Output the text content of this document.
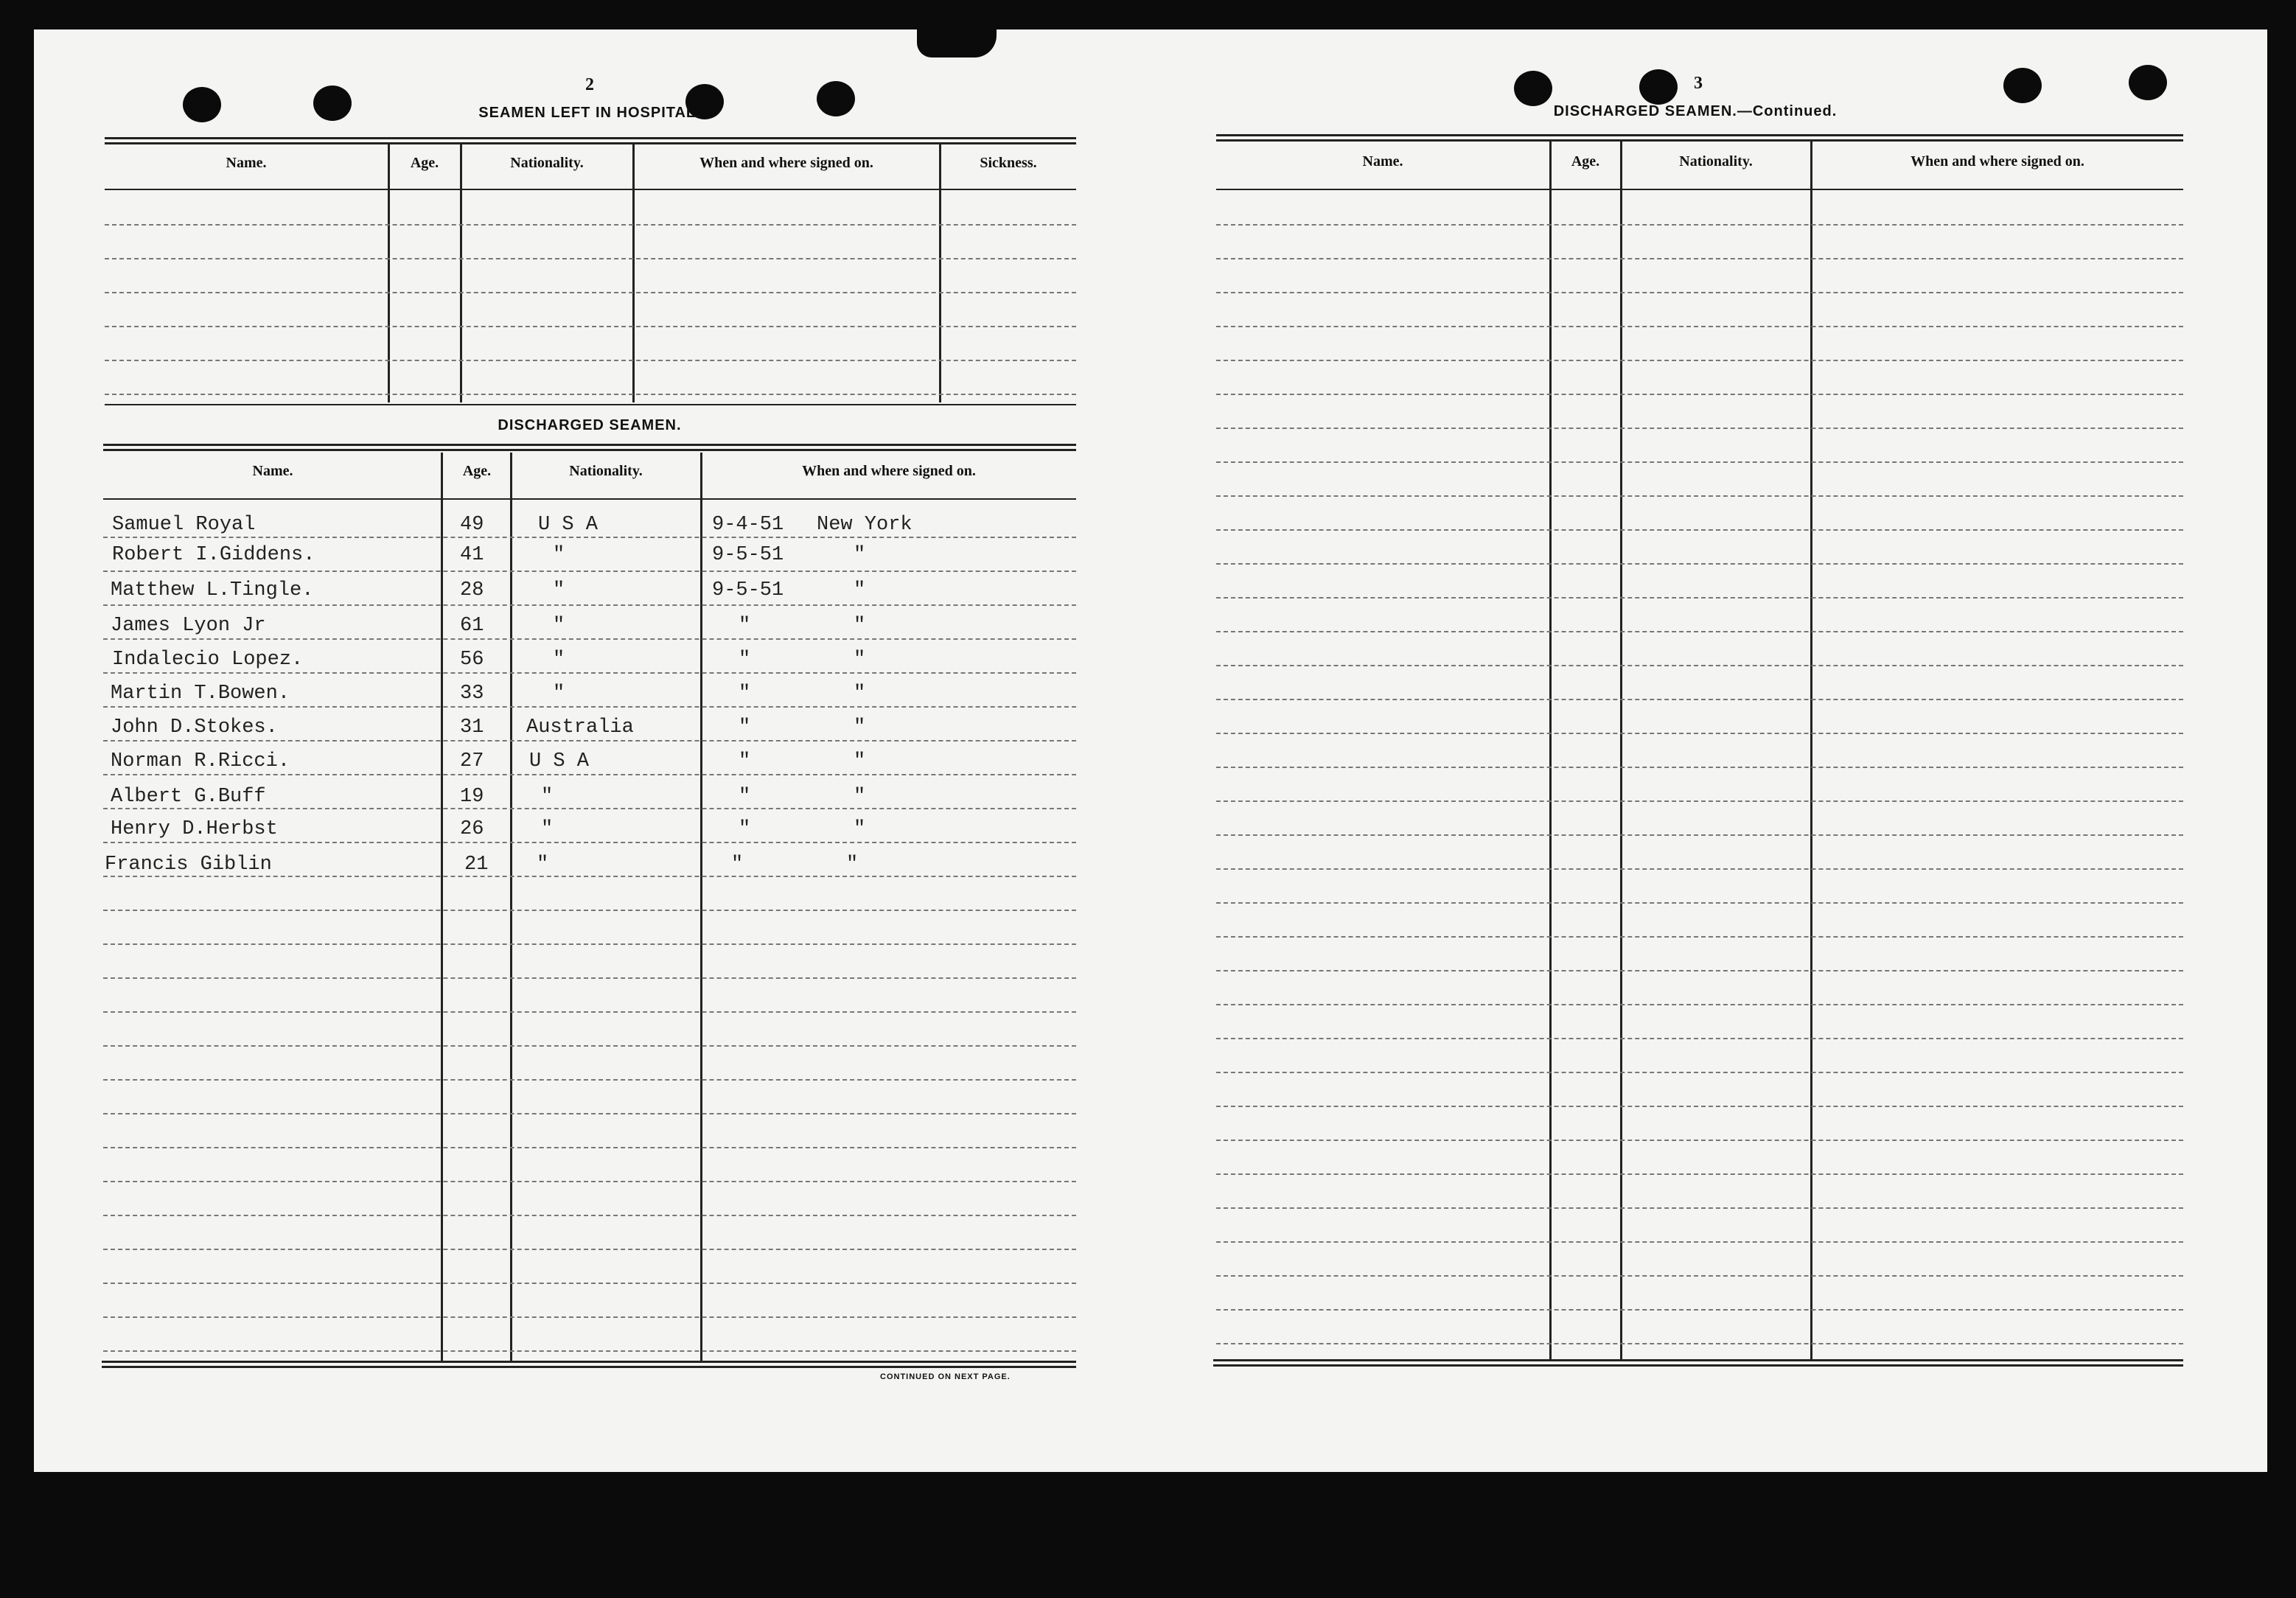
2
SEAMEN LEFT IN HOSPITAL.
Name.	Age.	Nationality.	When and where signed on.	Sickness.
DISCHARGED SEAMEN.
Name.	Age.	Nationality.	When and where signed on.
CONTINUED ON NEXT PAGE.
Samuel Royal	49	U S A	9-4-51 New York
Robert I.Giddens.	41	"	9-5-51	"
Matthew L.Tingle.	28	"	9-5-51	"
James Lyon Jr	61	"	"	"
Indalecio Lopez.	56	"	"	"
Martin T.Bowen.	33	"	"	"
John D.Stokes.	31 Australia	"	"
Norman R.Ricci.	27 U S A	"	"
Albert G.Buff	19	"	"	"
Henry D.Herbst	26	"	"	"
Francis Giblin	21 "	"	"
3
DISCHARGED SEAMEN.—Continued.
Name.	Age.	Nationality.	When and where signed on.
